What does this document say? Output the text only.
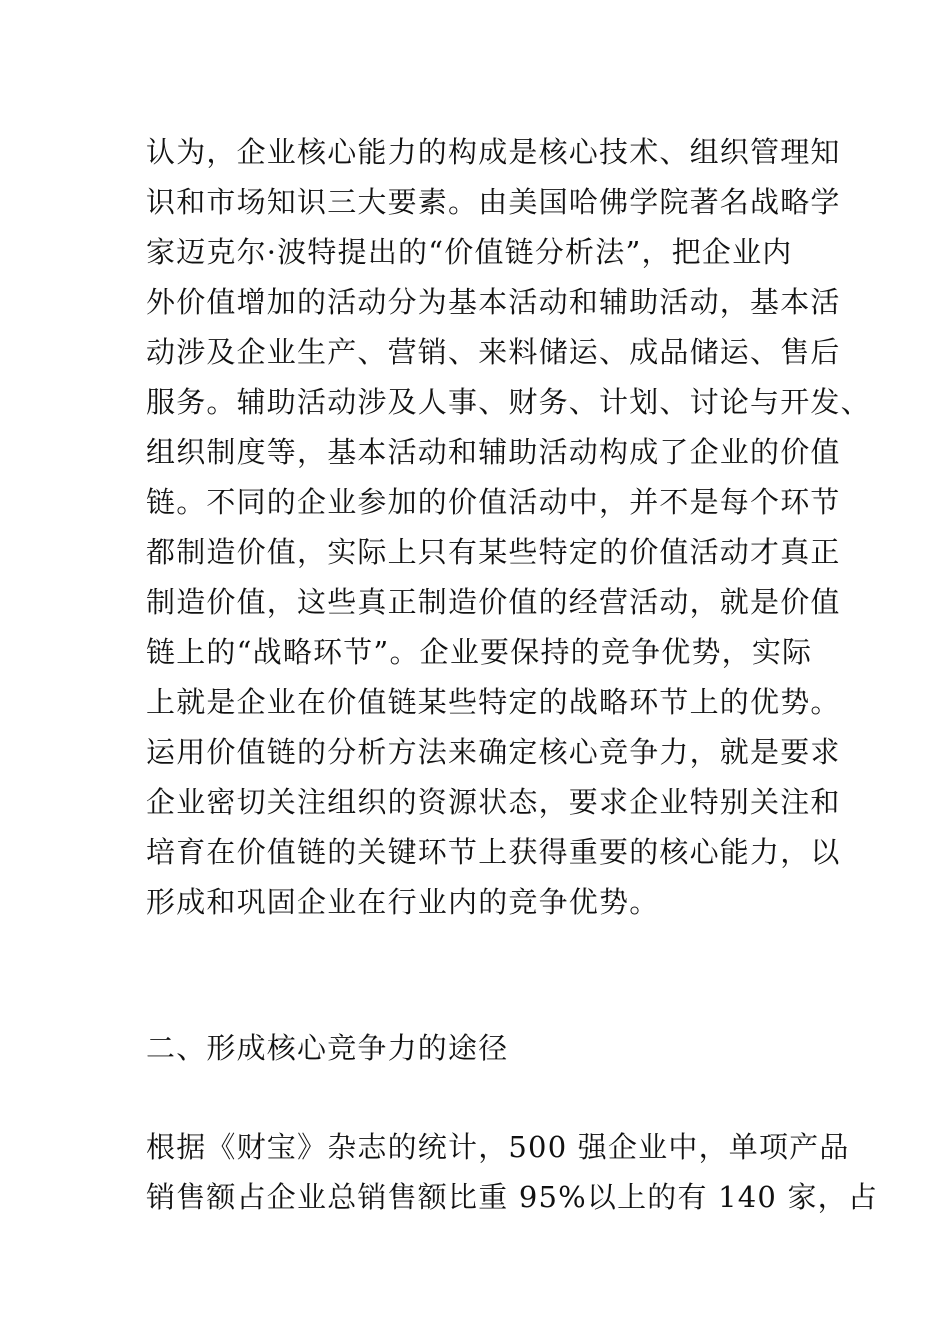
认为，企业核心能力的构成是核心技术、组织管理知
识和市场知识三大要素。由美国哈佛学院著名战略学
家迈克尔·波特提出的“价值链分析法”，把企业内
外价值增加的活动分为基本活动和辅助活动，基本活
动涉及企业生产、营销、来料储运、成品储运、售后
服务。辅助活动涉及人事、财务、计划、讨论与开发、
组织制度等，基本活动和辅助活动构成了企业的价值
链。不同的企业参加的价值活动中，并不是每个环节
都制造价值，实际上只有某些特定的价值活动才真正
制造价值，这些真正制造价值的经营活动，就是价值
链上的“战略环节”。企业要保持的竞争优势，实际
上就是企业在价值链某些特定的战略环节上的优势。
运用价值链的分析方法来确定核心竞争力，就是要求
企业密切关注组织的资源状态，要求企业特别关注和
培育在价值链的关键环节上获得重要的核心能力，以
形成和巩固企业在行业内的竞争优势。
二、形成核心竞争力的途径
根据《财宝》杂志的统计，500 强企业中，单项产品
销售额占企业总销售额比重 95%以上的有 140 家，占
